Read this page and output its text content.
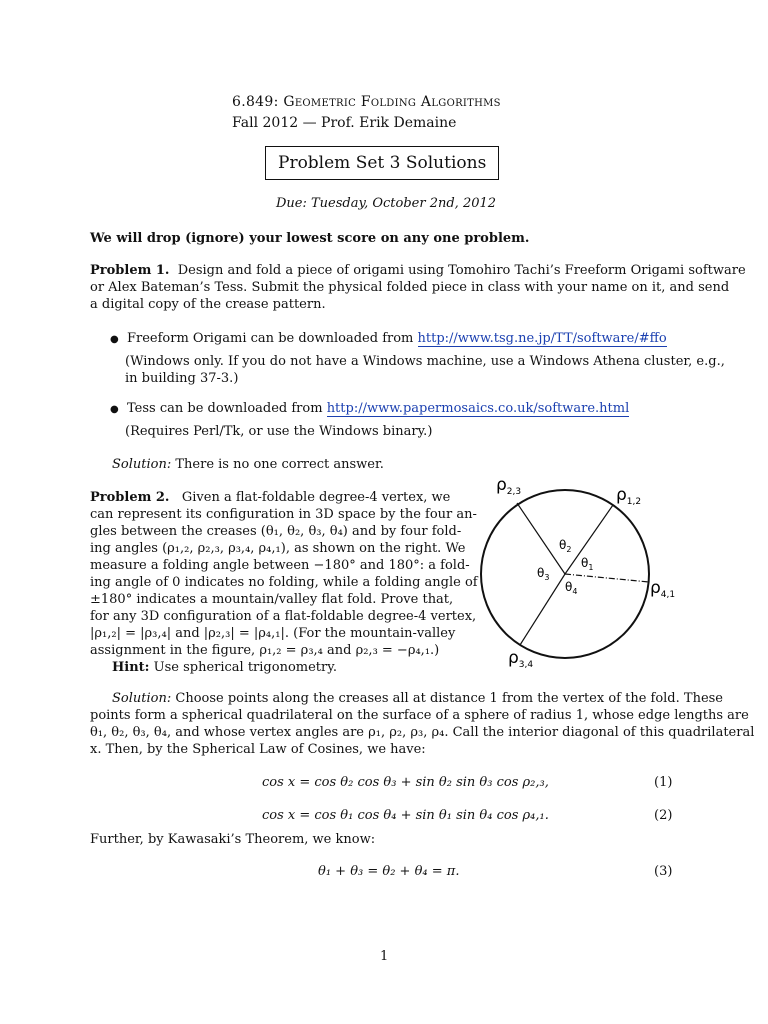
6.849: Geometric Folding Algorithms
Fall 2012 — Prof. Erik Demaine
Problem Set 3 Solutions
Due: Tuesday, October 2nd, 2012
We will drop (ignore) your lowest score on any one problem.
Problem 1. Design and fold a piece of origami using Tomohiro Tachi’s Freeform Origami software
or Alex Bateman’s Tess. Submit the physical folded piece in class with your name on it, and send
a digital copy of the crease pattern.
● Freeform Origami can be downloaded from http://www.tsg.ne.jp/TT/software/#ffo
(Windows only. If you do not have a Windows machine, use a Windows Athena cluster, e.g.,
in building 37-3.)
● Tess can be downloaded from http://www.papermosaics.co.uk/software.html
(Requires Perl/Tk, or use the Windows binary.)
Solution: There is no one correct answer.
Problem 2. Given a flat-foldable degree-4 vertex, we
can represent its configuration in 3D space by the four an-
gles between the creases (θ₁, θ₂, θ₃, θ₄) and by four fold-
ing angles (ρ₁,₂, ρ₂,₃, ρ₃,₄, ρ₄,₁), as shown on the right. We
measure a folding angle between −180° and 180°: a fold-
ing angle of 0 indicates no folding, while a folding angle of
±180° indicates a mountain/valley flat fold. Prove that,
for any 3D configuration of a flat-foldable degree-4 vertex,
|ρ₁,₂| = |ρ₃,₄| and |ρ₂,₃| = |ρ₄,₁|. (For the mountain-valley
assignment in the figure, ρ₁,₂ = ρ₃,₄ and ρ₂,₃ = −ρ₄,₁.)
Hint: Use spherical trigonometry.
$\rho_{2,3}$	$\rho_{1,2}$
$\rho_{4,1}$
$\rho_{3,4}$
$\theta_2$
$\theta_1$
$\theta_3$
$\theta_4$
Solution: Choose points along the creases all at distance 1 from the vertex of the fold. These
points form a spherical quadrilateral on the surface of a sphere of radius 1, whose edge lengths are
θ₁, θ₂, θ₃, θ₄, and whose vertex angles are ρ₁, ρ₂, ρ₃, ρ₄. Call the interior diagonal of this quadrilateral
x. Then, by the Spherical Law of Cosines, we have:
cos x = cos θ₂ cos θ₃ + sin θ₂ sin θ₃ cos ρ₂,₃,	(1)
cos x = cos θ₁ cos θ₄ + sin θ₁ sin θ₄ cos ρ₄,₁.	(2)
Further, by Kawasaki’s Theorem, we know:
θ₁ + θ₃ = θ₂ + θ₄ = π.	(3)
1
